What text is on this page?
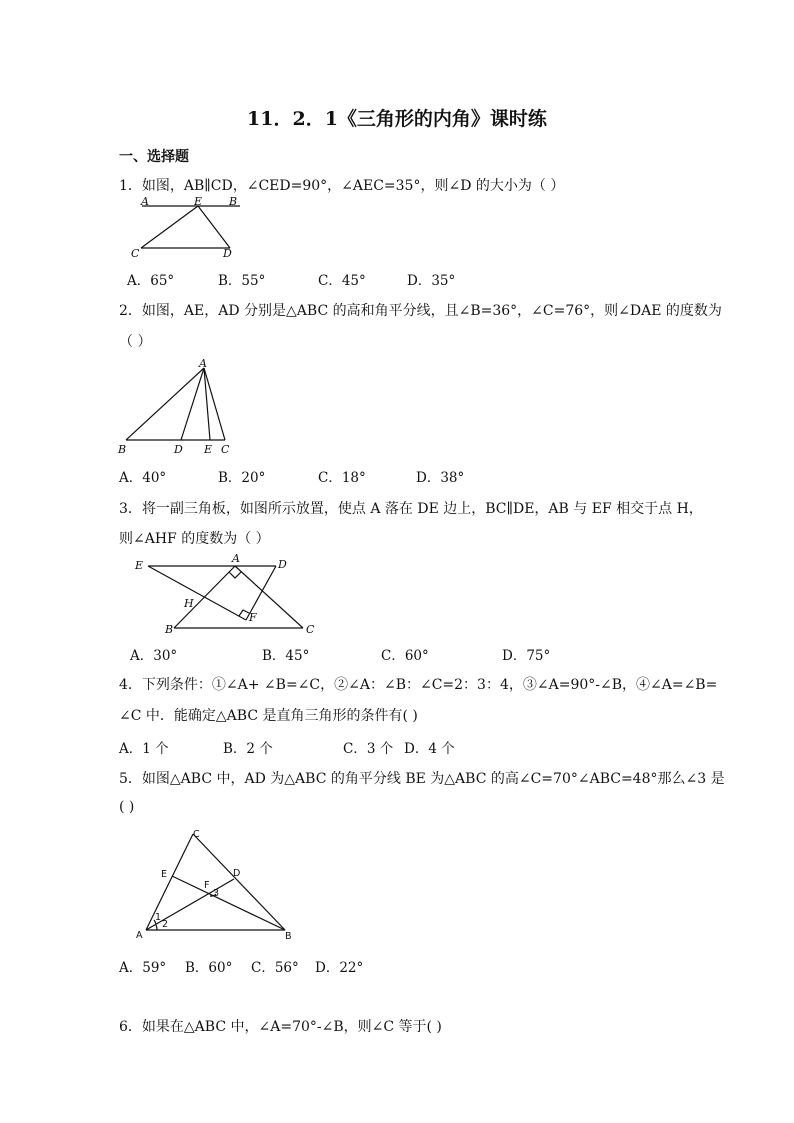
11．2．1《三角形的内角》课时练
一、选择题
1．如图，AB∥CD，∠CED=90°，∠AEC=35°，则∠D 的大小为（ ）
A	E B
C	D
A．65°	B．55°	C．45°	D．35°
2．如图，AE，AD 分别是△ABC 的高和角平分线，且∠B=36°，∠C=76°，则∠DAE 的度数为
（ ）
A
B	D E C
A．40°	B．20°	C．18°	D．38°
3．将一副三角板，如图所示放置，使点 A 落在 DE 边上，BC∥DE，AB 与 EF 相交于点 H，
则∠AHF 的度数为（ ）
E
A	D
H
F
B	C
A．30°	B．45°	C．60°	D．75°
4．下列条件：①∠A+ ∠B=∠C，②∠A：∠B：∠C=2：3：4，③∠A=90°-∠B，④∠A=∠B=
∠C 中．能确定△ABC 是直角三角形的条件有( )
A．1 个	B．2 个	C．3 个 D．4 个
5．如图△ABC 中，AD 为△ABC 的角平分线 BE 为△ABC 的高∠C=70°∠ABC=48°那么∠3 是
( )
C
E	D
F
3
1
2
A	B
A．59° B．60° C．56° D．22°
6．如果在△ABC 中，∠A=70°-∠B，则∠C 等于( )
